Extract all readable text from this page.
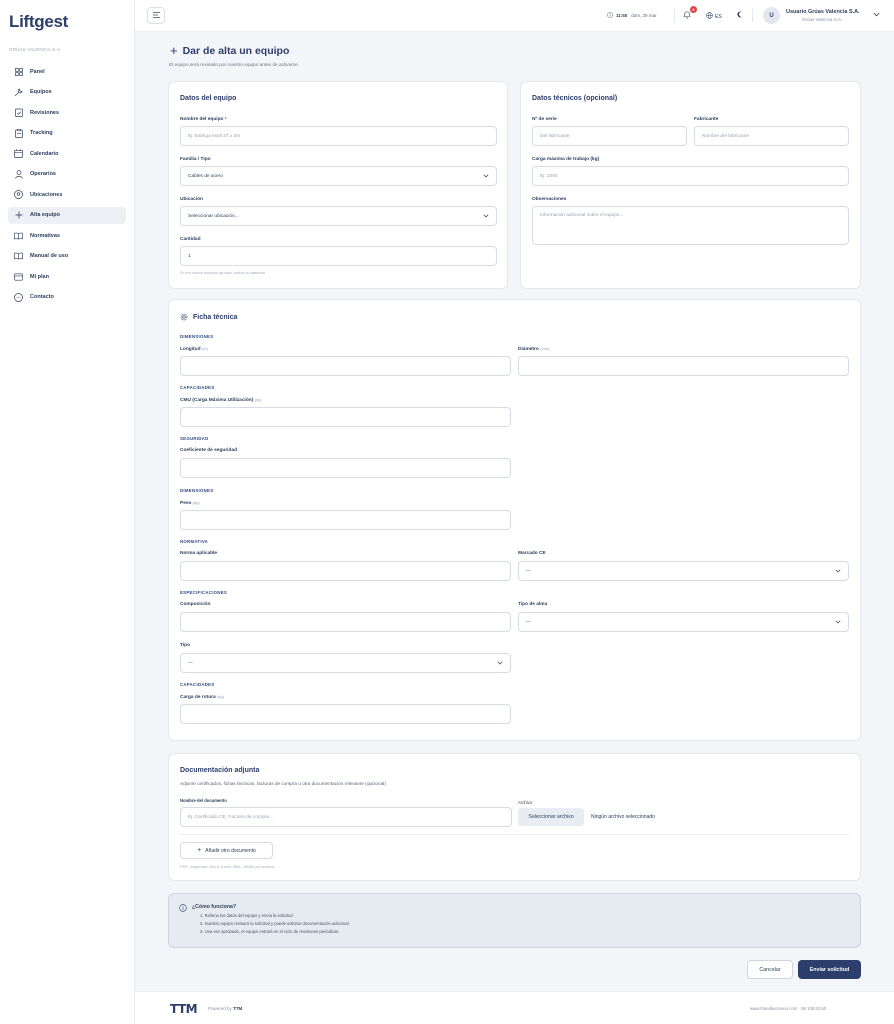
Liftgest
GRÚAS VALENCIA S.A.
Panel
Equipos
Revisiones
Tracking
Calendario
Operarios
Ubicaciones
Alta equipo
Normativas
Manual de uso
Mi plan
Contacto
11:50 dom, 29 mar
6
ES	U
Usuario Grúas Valencia S.A.
Grúas Valencia S.A.
+ Dar de alta un equipo
El equipo será revisado por nuestro equipo antes de activarse
Datos del equipo
Nombre del equipo *
Ej: Eslinga textil 2T x 3m
Familia / Tipo
Cables de acero
Ubicación
Seleccionar ubicación...
Cantidad
1
Si son varios equipos iguales, indica la cantidad
Datos técnicos (opcional)
Nº de serie
Del fabricante
Fabricante
Nombre del fabricante
Carga máxima de trabajo (kg)
Ej: 2000
Observaciones
Información adicional sobre el equipo...
Ficha técnica
DIMENSIONES
Longitud (m)	Diámetro (mm)
CAPACIDADES
CMU (Carga Máxima Utilización) (kg)
SEGURIDAD
Coeficiente de seguridad
DIMENSIONES
Peso (kg)
NORMATIVA
Norma aplicable	Marcado CE
—
ESPECIFICACIONES
Composición	Tipo de alma
—
Tipo
—
CAPACIDADES
Carga de rotura (kg)
Documentación adjunta
Adjunte certificados, fichas técnicas, facturas de compra u otra documentación relevante (opcional)
Nombre del documento
Ej: Certificado CE, Factura de compra...
Archivo
Seleccionar archivo	Ningún archivo seleccionado
+ Añadir otro documento
PDF, imágenes, Word, Excel. Máx. 10MB por archivo.
¿Cómo funciona?
1. Rellena los datos del equipo y envía la solicitud
2. Nuestro equipo revisará la solicitud y puede solicitar documentación adicional
3. Una vez aprobado, el equipo entrará en el ciclo de revisiones periódicas
Cancelar	Enviar solicitud
TTM Powered by TTM	www.ttmediterraneo.com · 96 108 82 60
